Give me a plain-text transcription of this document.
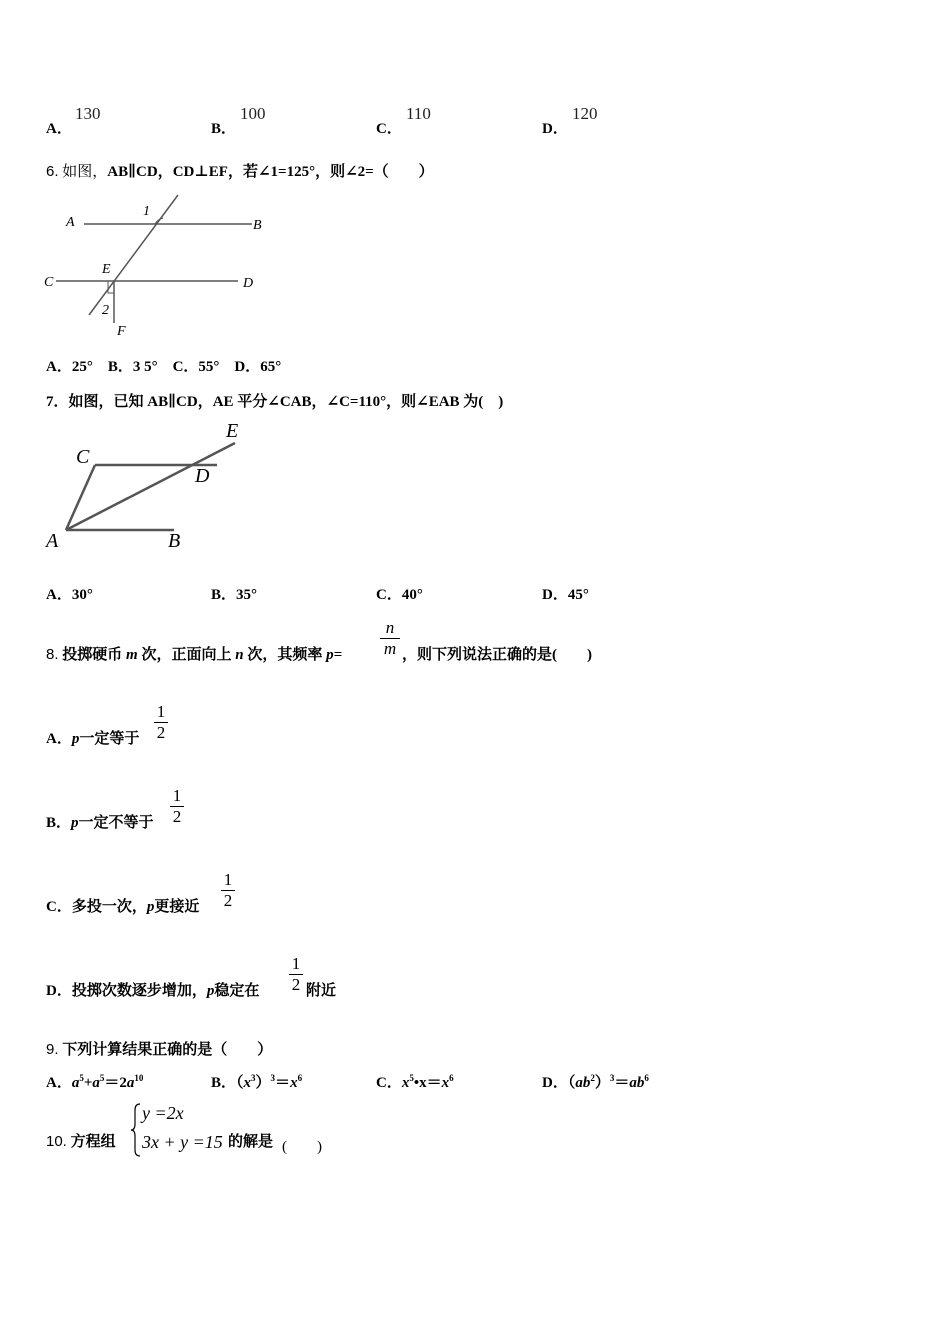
A．
130
B．
100
C．
110
D．
120
6. 如图，AB∥CD，CD⊥EF，若∠1=125°，则∠2=（　　）
A	B
C	D
E
F
1
2
A．25°　B．3 5°　C．55°　D．65°
7．如图，已知 AB∥CD，AE 平分∠CAB，∠C=110°，则∠EAB 为(　)
C
E
D
A	B
A．30°	B．35°	C．40°	D．45°
8. 投掷硬币 m 次，正面向上 n 次，其频率 p=
n
m ，则下列说法正确的是(　　)
A．p一定等于
1
2
B．p一定不等于
1
2
C．多投一次，p更接近
1
2
D．投掷次数逐步增加，p稳定在
1
2 附近
9. 下列计算结果正确的是（　　）
A．$a^5+a^5=2a^{10}$	B．$(x^3)^3=x^6$	C．$x^5•x=x^6$	D．$(ab^2)^3=ab^6$
10. 方程组
y =2x
3x + y =15 的解是 (　　)
